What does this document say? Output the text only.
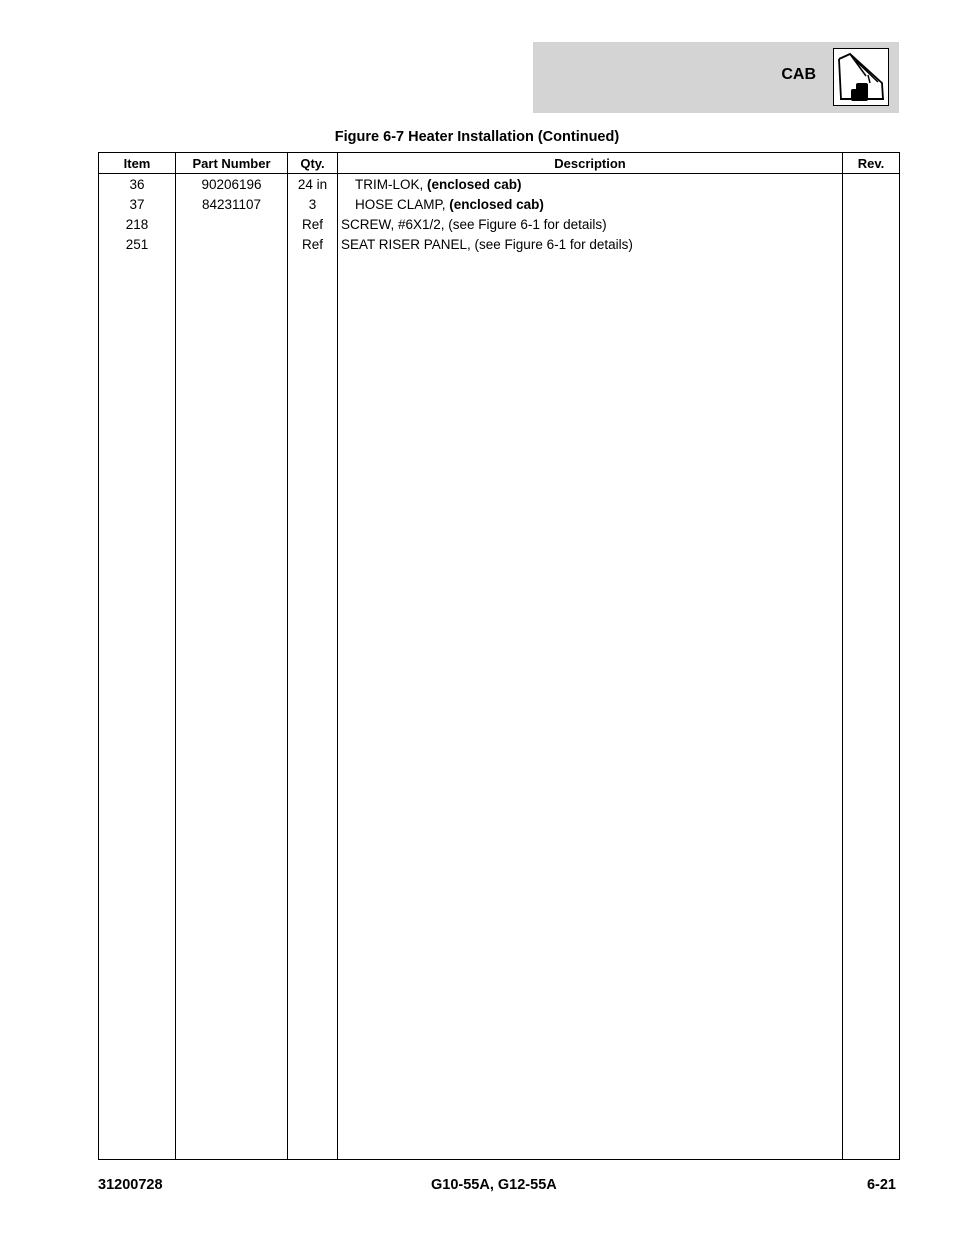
CAB
Figure 6-7 Heater Installation (Continued)
Item	Part Number	Qty.	Description	Rev.
36	90206196	24 in	TRIM-LOK, (enclosed cab)	
37	84231107	3	HOSE CLAMP, (enclosed cab)	
218		Ref	SCREW, #6X1/2, (see Figure 6-1 for details)	
251		Ref	SEAT RISER PANEL, (see Figure 6-1 for details)	

31200728	G10-55A, G12-55A	6-21
